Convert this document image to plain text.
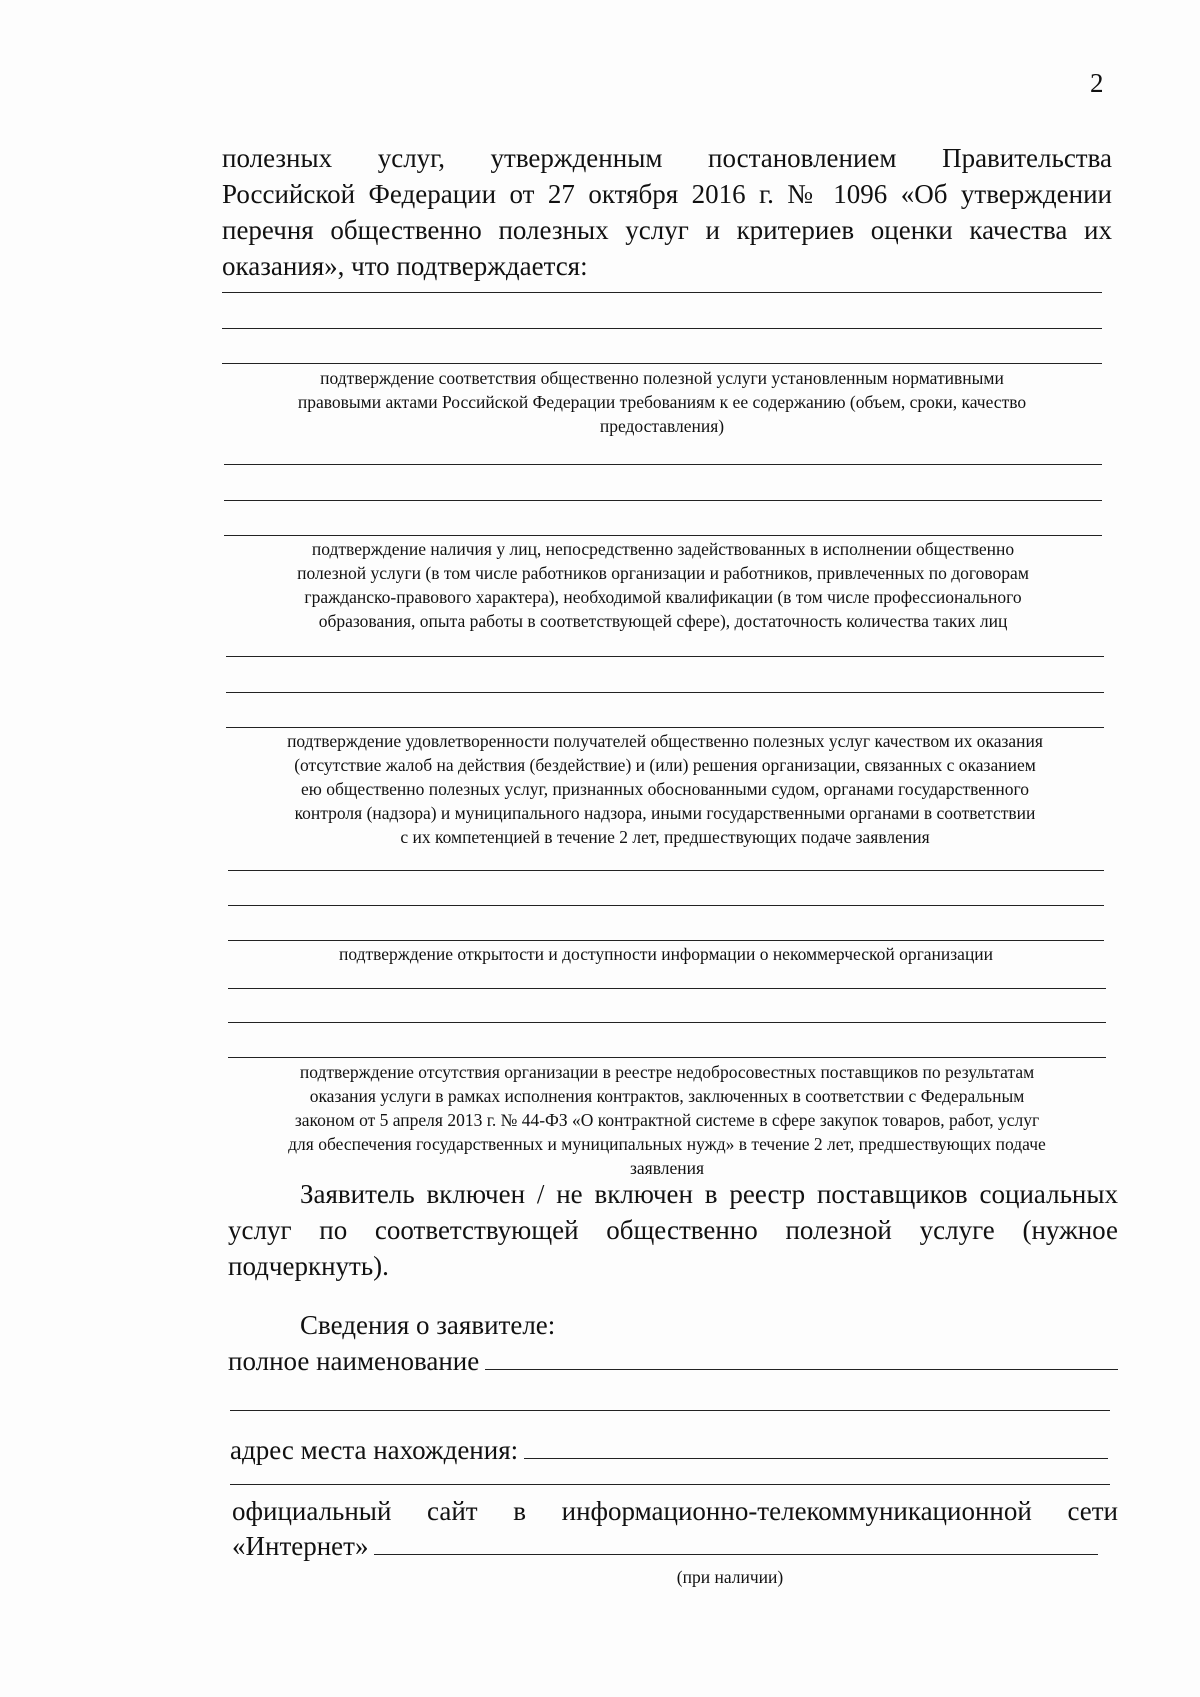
2
полезных услуг, утвержденным постановлением Правительства
Российской Федерации от 27 октября 2016 г. № 1096 «Об утверждении
перечня общественно полезных услуг и критериев оценки качества их
оказания», что подтверждается:
подтверждение соответствия общественно полезной услуги установленным нормативными
правовыми актами Российской Федерации требованиям к ее содержанию (объем, сроки, качество
предоставления)
подтверждение наличия у лиц, непосредственно задействованных в исполнении общественно
полезной услуги (в том числе работников организации и работников, привлеченных по договорам
гражданско-правового характера), необходимой квалификации (в том числе профессионального
образования, опыта работы в соответствующей сфере), достаточность количества таких лиц
подтверждение удовлетворенности получателей общественно полезных услуг качеством их оказания
(отсутствие жалоб на действия (бездействие) и (или) решения организации, связанных с оказанием
ею общественно полезных услуг, признанных обоснованными судом, органами государственного
контроля (надзора) и муниципального надзора, иными государственными органами в соответствии
с их компетенцией в течение 2 лет, предшествующих подаче заявления
подтверждение открытости и доступности информации о некоммерческой организации
подтверждение отсутствия организации в реестре недобросовестных поставщиков по результатам
оказания услуги в рамках исполнения контрактов, заключенных в соответствии с Федеральным
законом от 5 апреля 2013 г. № 44-ФЗ «О контрактной системе в сфере закупок товаров, работ, услуг
для обеспечения государственных и муниципальных нужд» в течение 2 лет, предшествующих подаче
заявления
Заявитель включен / не включен в реестр поставщиков социальных
услуг по соответствующей общественно полезной услуге (нужное
подчеркнуть).
Сведения о заявителе:
полное наименование
адрес места нахождения:
официальный сайт в информационно-телекоммуникационной сети
«Интернет»
(при наличии)
